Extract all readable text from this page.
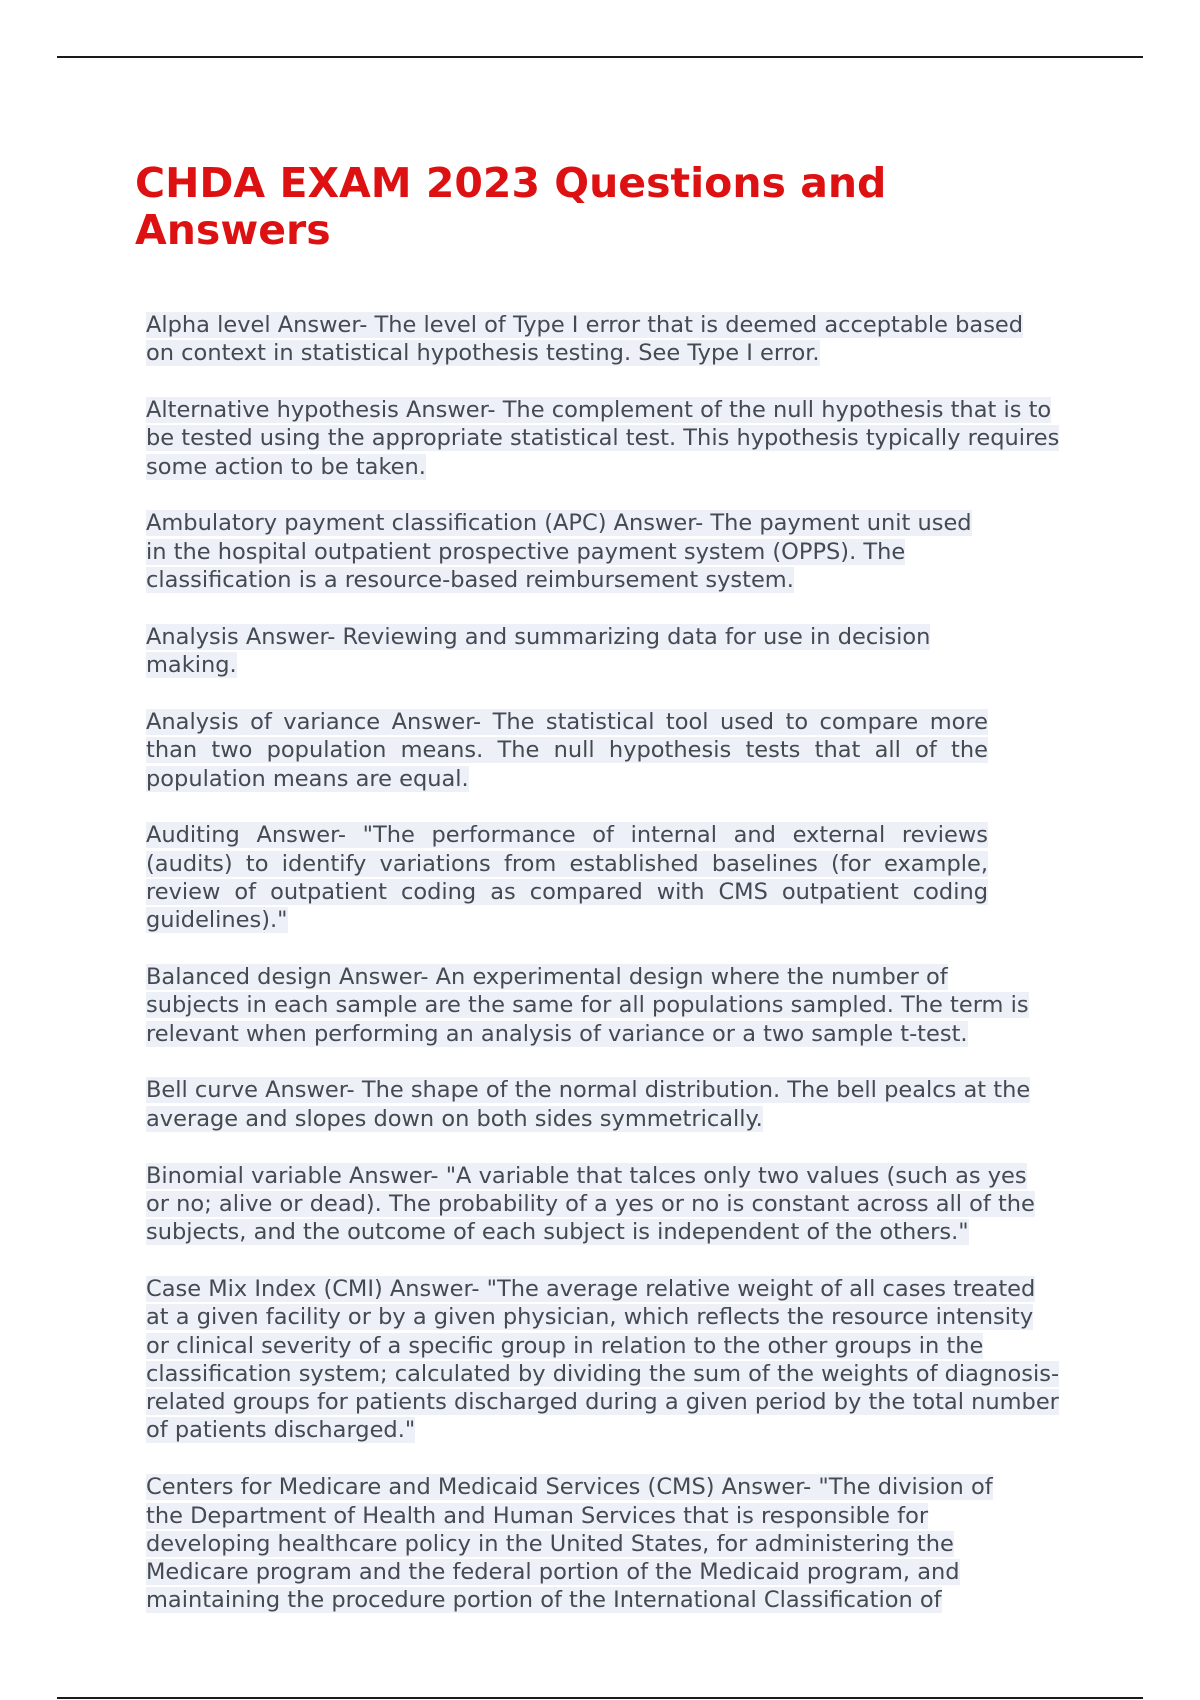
CHDA EXAM 2023 Questions and Answers

Alpha level Answer- The level of Type I error that is deemed acceptable based on context in statistical hypothesis testing. See Type I error.

Alternative hypothesis Answer- The complement of the null hypothesis that is to be tested using the appropriate statistical test. This hypothesis typically requires some action to be taken.

Ambulatory payment classification (APC) Answer- The payment unit used in the hospital outpatient prospective payment system (OPPS). The classification is a resource-based reimbursement system.

Analysis Answer- Reviewing and summarizing data for use in decision making.

Analysis of variance Answer- The statistical tool used to compare more than two population means. The null hypothesis tests that all of the population means are equal.

Auditing Answer- "The performance of internal and external reviews (audits) to identify variations from established baselines (for example, review of outpatient coding as compared with CMS outpatient coding guidelines)."

Balanced design Answer- An experimental design where the number of subjects in each sample are the same for all populations sampled. The term is relevant when performing an analysis of variance or a two sample t-test.

Bell curve Answer- The shape of the normal distribution. The bell pealcs at the average and slopes down on both sides symmetrically.

Binomial variable Answer- "A variable that talces only two values (such as yes or no; alive or dead). The probability of a yes or no is constant across all of the subjects, and the outcome of each subject is independent of the others."

Case Mix Index (CMI) Answer- "The average relative weight of all cases treated at a given facility or by a given physician, which reflects the resource intensity or clinical severity of a specific group in relation to the other groups in the classification system; calculated by dividing the sum of the weights of diagnosis-related groups for patients discharged during a given period by the total number of patients discharged."

Centers for Medicare and Medicaid Services (CMS) Answer- "The division of the Department of Health and Human Services that is responsible for developing healthcare policy in the United States, for administering the Medicare program and the federal portion of the Medicaid program, and maintaining the procedure portion of the International Classification of
